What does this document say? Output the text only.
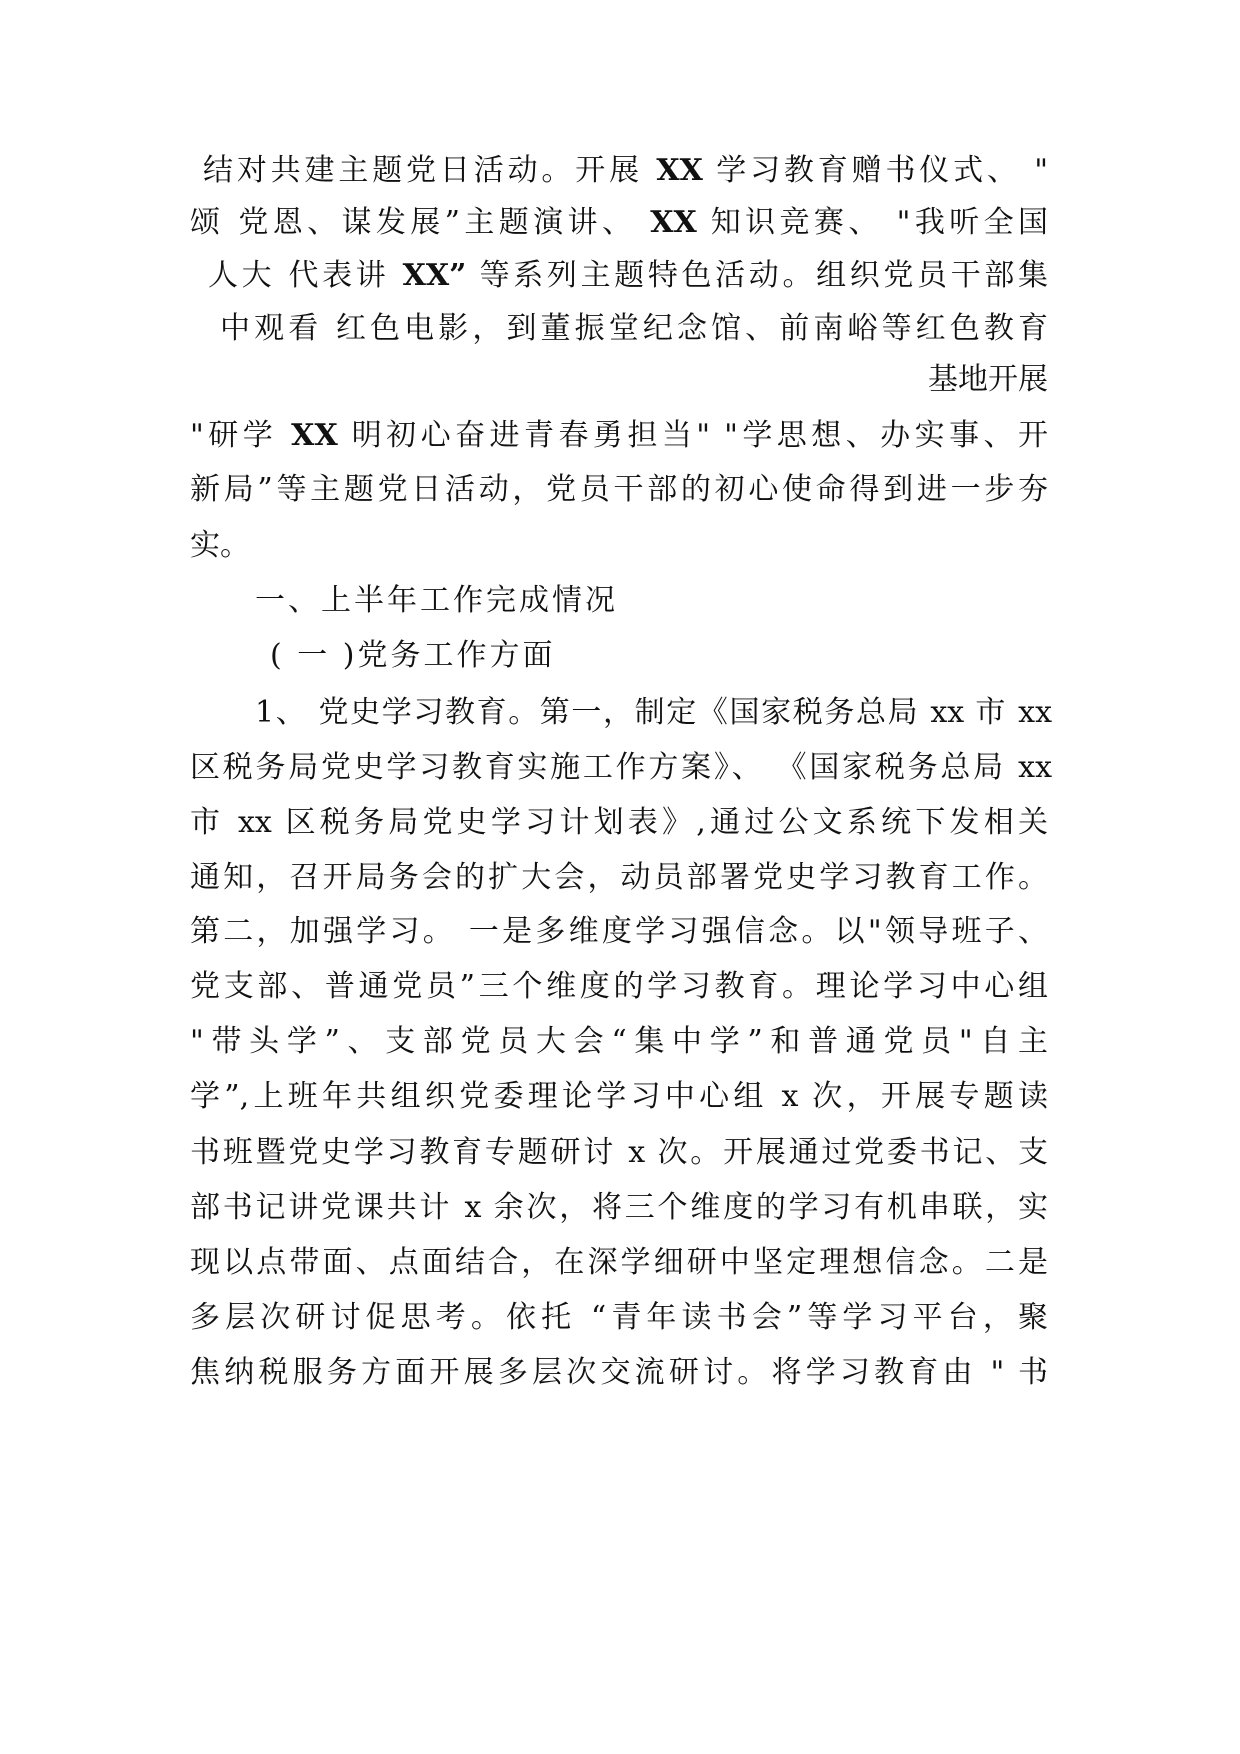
结对共建主题党日活动。开展 XX 学习教育赠书仪式、 "
颂 党恩、谋发展”主题演讲、 XX 知识竞赛、 "我听全国
人大 代表讲 XX” 等系列主题特色活动。组织党员干部集
中观看 红色电影，到董振堂纪念馆、前南峪等红色教育
基地开展
"研学 XX 明初心奋进青春勇担当" "学思想、办实事、开
新局”等主题党日活动，党员干部的初心使命得到进一步夯
实。
一、上半年工作完成情况
( 一 )党务工作方面
1、 党史学习教育。第一，制定《国家税务总局 xx 市 xx
区税务局党史学习教育实施工作方案》、 《国家税务总局 xx
市 xx 区税务局党史学习计划表》,通过公文系统下发相关
通知，召开局务会的扩大会，动员部署党史学习教育工作。
第二，加强学习。 一是多维度学习强信念。以"领导班子、
党支部、普通党员”三个维度的学习教育。理论学习中心组
"带头学”、支部党员大会“集中学”和普通党员"自主
学”,上班年共组织党委理论学习中心组 x 次，开展专题读
书班暨党史学习教育专题研讨 x 次。开展通过党委书记、支
部书记讲党课共计 x 余次，将三个维度的学习有机串联，实
现以点带面、点面结合，在深学细研中坚定理想信念。二是
多层次研讨促思考。依托 “青年读书会”等学习平台，聚
焦纳税服务方面开展多层次交流研讨。将学习教育由 " 书
